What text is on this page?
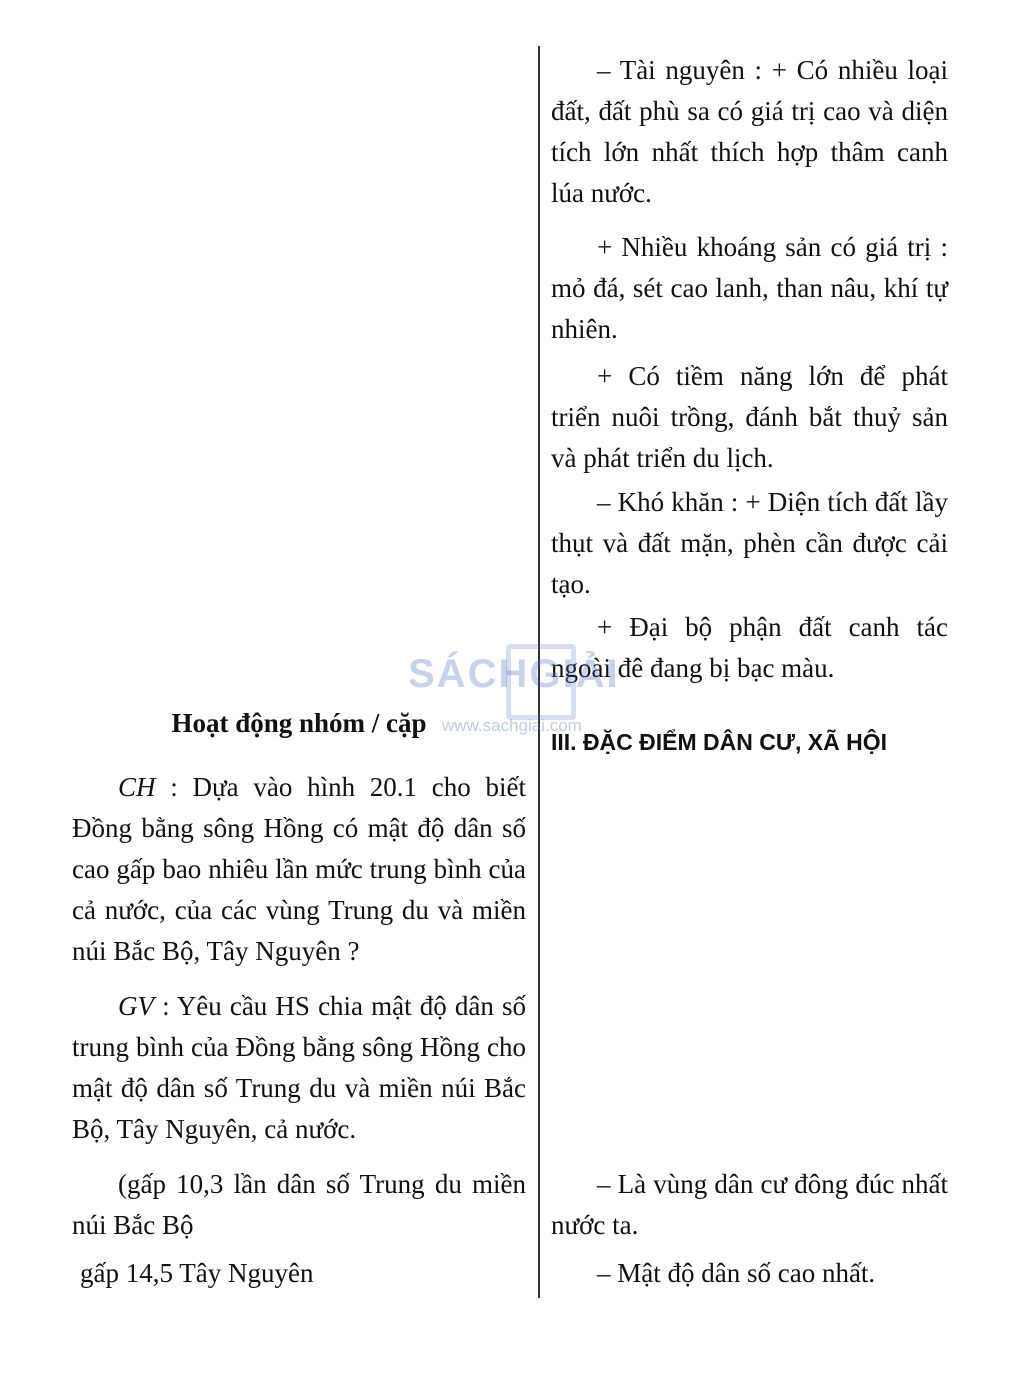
– Tài nguyên : + Có nhiều loại đất, đất phù sa có giá trị cao và diện tích lớn nhất thích hợp thâm canh lúa nước.

+ Nhiều khoáng sản có giá trị : mỏ đá, sét cao lanh, than nâu, khí tự nhiên.

+ Có tiềm năng lớn để phát triển nuôi trồng, đánh bắt thuỷ sản và phát triển du lịch.

– Khó khăn : + Diện tích đất lầy thụt và đất mặn, phèn cần được cải tạo.

+ Đại bộ phận đất canh tác ngoài đê đang bị bạc màu.

III. ĐẶC ĐIỂM DÂN CƯ, XÃ HỘI

– Là vùng dân cư đông đúc nhất nước ta.

– Mật độ dân số cao nhất.

Hoạt động nhóm / cặp

CH : Dựa vào hình 20.1 cho biết Đồng bằng sông Hồng có mật độ dân số cao gấp bao nhiêu lần mức trung bình của cả nước, của các vùng Trung du và miền núi Bắc Bộ, Tây Nguyên ?

GV : Yêu cầu HS chia mật độ dân số trung bình của Đồng bằng sông Hồng cho mật độ dân số Trung du và miền núi Bắc Bộ, Tây Nguyên, cả nước.

(gấp 10,3 lần dân số Trung du miền núi Bắc Bộ

gấp 14,5 Tây Nguyên

SÁCHGIẢI
www.sachgiai.com
